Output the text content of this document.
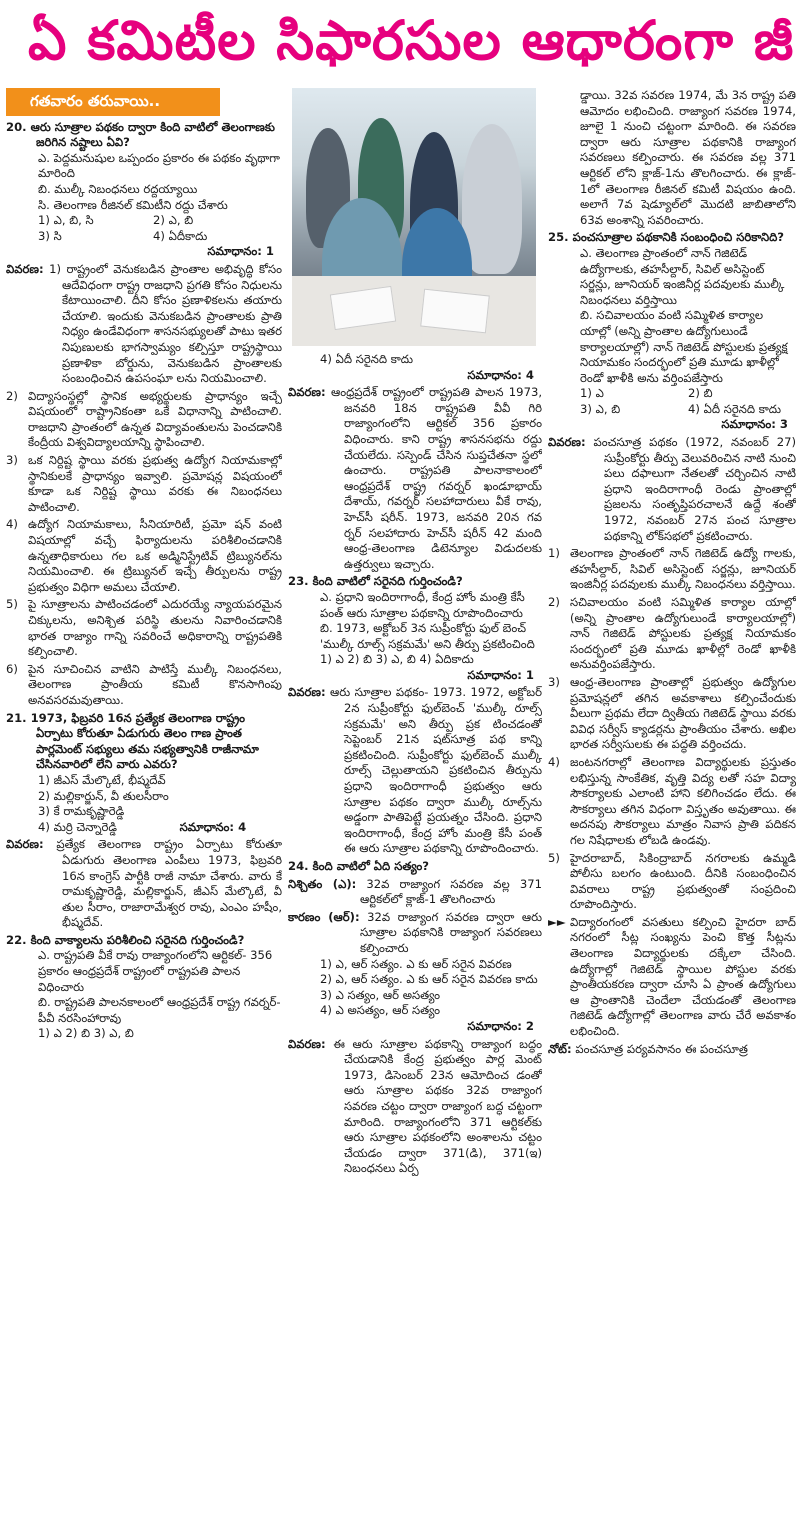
ఏ కమిటీల సిఫారసుల ఆధారంగా జీ
గతవారం తరువాయి..
20. ఆరు సూత్రాల పథకం ద్వారా కింది వాటిలో తెలంగాణకు జరిగిన నష్టాలు ఏవి?
ఎ. పెద్దమనుషుల ఒప్పందం ప్రకారం ఈ పథకం వృథాగా మారింది
బి. ముల్కీ నిబంధనలు రద్దయ్యాయి
సి. తెలంగాణ రీజినల్ కమిటీని రద్దు చేశారు
1) ఎ, బి, సి	2) ఎ, బి
3) సి	4) ఏదీకాదు
సమాధానం: 1
వివరణ: 1) రాష్ట్రంలో వెనుకబడిన ప్రాంతాల అభివృద్ధి కోసం ఆదేవిధంగా రాష్ట్ర రాజధాని ప్రగతి కోసం నిధులను కేటాయించాలి. దీని కోసం ప్రణాళికలను తయారు చేయాలి. ఇందుకు వెనుకబడిన ప్రాంతాలకు ప్రాతి నిధ్యం ఉండేవిధంగా శాసనసభ్యులతో పాటు ఇతర నిపుణులకు భాగస్వామ్యం కల్పిస్తూ రాష్ట్రస్థాయి ప్రణాళికా బోర్డును, వెనుకబడిన ప్రాంతాలకు సంబంధించిన ఉపసంఘా లను నియమించాలి.
2) విద్యాసంస్థల్లో స్థానిక అభ్యర్థులకు ప్రాధాన్యం ఇచ్చే విషయంలో రాష్ట్రానికంతా ఒకే విధానాన్ని పాటించాలి. రాజధాని ప్రాంతంలో ఉన్నత విద్యావంతులను పెంచడానికి కేంద్రీయ విశ్వవిద్యాలయాన్ని స్థాపించాలి.
3) ఒక నిర్దిష్ట స్థాయి వరకు ప్రభుత్వ ఉద్యోగ నియామకాల్లో స్థానికులకే ప్రాధాన్యం ఇవ్వాలి. ప్రమోషన్ల విషయంలో కూడా ఒక నిర్దిష్ట స్థాయి వరకు ఈ నిబంధనలు పాటించాలి.
4) ఉద్యోగ నియామకాలు, సీనియారిటీ, ప్రమో షన్ వంటి విషయాల్లో వచ్చే ఫిర్యాదులను పరిశీలించడానికి ఉన్నతాధికారులు గల ఒక అడ్మినిస్ట్రేటివ్ ట్రిబ్యునల్‌ను నియమించాలి. ఈ ట్రిబ్యునల్ ఇచ్చే తీర్పులను రాష్ట్ర ప్రభుత్వం విధిగా అమలు చేయాలి.
5) పై సూత్రాలను పాటించడంలో ఎదురయ్యే న్యాయపరమైన చిక్కులను, అనిశ్చిత పరిస్థి తులను నివారించడానికి భారత రాజ్యాం గాన్ని సవరించే అధికారాన్ని రాష్ట్రపతికి కల్పించాలి.
6) పైన సూచించిన వాటిని పాటిస్తే ముల్కీ నిబంధనలు, తెలంగాణ ప్రాంతీయ కమిటీ కొనసాగింపు అనవసరమవుతాయి.
21. 1973, ఫిబ్రవరి 16న ప్రత్యేక తెలంగాణ రాష్ట్రం ఏర్పాటు కోరుతూ ఏడుగురు తెలం గాణ ప్రాంత పార్లమెంట్ సభ్యులు తమ సభ్యత్వానికి రాజీనామా చేసినవారిలో లేని వారు ఎవరు?
1) జీఎస్ మేల్కొటే, భీష్మదేవ్
2) మల్లికార్జున్, వీ తులసీరాం
3) కే రామకృష్ణారెడ్డి
4) మర్రి చెన్నారెడ్డి	సమాధానం: 4
వివరణ: ప్రత్యేక తెలంగాణ రాష్ట్రం ఏర్పాటు కోరుతూ ఏడుగురు తెలంగాణ ఎంపీలు 1973, ఫిబ్రవరి 16న కాంగ్రెస్ పార్టీకి రాజీ నామా చేశారు. వారు కే రామకృష్ణారెడ్డి, మల్లికార్జున్, జీఎస్ మేల్కొటే, వీ తుల సీరాం, రాజారామేశ్వర రావు, ఎంఎం హషీం, భీష్మదేవ్.
22. కింది వాక్యాలను పరిశీలించి సరైనది గుర్తించండి?
ఎ. రాష్ట్రపతి వీకే రావు రాజ్యాంగంలోని ఆర్టికల్- 356 ప్రకారం ఆంధ్రప్రదేశ్ రాష్ట్రంలో రాష్ట్రపతి పాలన విధించారు
బి. రాష్ట్రపతి పాలనకాలంలో ఆంధ్రప్రదేశ్ రాష్ట్ర గవర్నర్- పీవీ నరసింహారావు
1) ఎ 2) బి 3) ఎ, బి
4) ఏదీ సరైనది కాదు
సమాధానం: 4
వివరణ: ఆంధ్రప్రదేశ్ రాష్ట్రంలో రాష్ట్రపతి పాలన 1973, జనవరి 18న రాష్ట్రపతి వీవీ గిరి రాజ్యాంగంలోని ఆర్టికల్ 356 ప్రకారం విధించారు. కాని రాష్ట్ర శాసనసభను రద్దు చేయలేదు. సస్పెండ్ చేసిన సుప్తచేతనా స్థలో ఉంచారు. రాష్ట్రపతి పాలనాకాలంలో ఆంధ్రప్రదేశ్ రాష్ట్ర గవర్నర్ ఖండూభాయ్ దేశాయ్, గవర్నర్ సలహాదారులు వీకే రావు, హెచ్‌సీ షరీన్. 1973, జనవరి 20న గవ ర్నర్ సలహాదారు హెచ్‌సీ షరీన్ 42 మంది ఆంధ్ర-తెలంగాణ డిటెన్యూల విడుదలకు ఉత్తర్వులు ఇచ్చారు.
23. కింది వాటిలో సరైనది గుర్తించండి?
ఎ. ప్రధాని ఇందిరాగాంధీ, కేంద్ర హోం మంత్రి కేసీ పంత్ ఆరు సూత్రాల పథకాన్ని రూపొందించారు
బి. 1973, అక్టోబర్ 3న సుప్రీంకోర్టు ఫుల్ బెంచ్ 'ముల్కీ రూల్స్ సక్రమమే' అని తీర్పు ప్రకటించింది
1) ఎ 2) బి 3) ఎ, బి 4) ఏదికాదు
సమాధానం: 1
వివరణ: ఆరు సూత్రాల పథకం- 1973. 1972, అక్టోబర్ 2న సుప్రీంకోర్టు ఫుల్‌బెంచ్ 'ముల్కీ రూల్స్ సక్రమమే' అని తీర్పు ప్రక టించడంతో సెప్టెంబర్ 21న షట్‌సూత్ర పథ కాన్ని ప్రకటించింది. సుప్రీంకోర్టు ఫుల్‌బెంచ్ ముల్కీ రూల్స్ చెల్లుతాయని ప్రకటించిన తీర్పును ప్రధాని ఇందిరాగాంధీ ప్రభుత్వం ఆరు సూత్రాల పథకం ద్వారా ముల్కీ రూల్స్‌ను అడ్డంగా పాతిపెట్టే ప్రయత్నం చేసింది. ప్రధాని ఇందిరాగాంధీ, కేంద్ర హోం మంత్రి కేసీ పంత్ ఈ ఆరు సూత్రాల పథకాన్ని రూపొందించారు.
24. కింది వాటిలో ఏది సత్యం?
నిశ్చితం (ఎ): 32వ రాజ్యాంగ సవరణ వల్ల 371 ఆర్టికల్‌లో క్లాజ్-1 తొలగించారు
కారణం (ఆర్): 32వ రాజ్యాంగ సవరణ ద్వారా ఆరు సూత్రాల పథకానికి రాజ్యాంగ సవరణలు కల్పించారు
1) ఎ, ఆర్ సత్యం. ఎ కు ఆర్ సరైన వివరణ
2) ఎ, ఆర్ సత్యం. ఎ కు ఆర్ సరైన వివరణ కాదు
3) ఎ సత్యం, ఆర్ అసత్యం
4) ఎ అసత్యం, ఆర్ సత్యం
సమాధానం: 2
వివరణ: ఈ ఆరు సూత్రాల పథకాన్ని రాజ్యాంగ బద్ధం చేయడానికి కేంద్ర ప్రభుత్వం పార్ల మెంట్ 1973, డిసెంబర్ 23న ఆమోదించ డంతో ఆరు సూత్రాల పథకం 32వ రాజ్యాంగ సవరణ చట్టం ద్వారా రాజ్యాంగ బద్ధ చట్టంగా మారింది. రాజ్యాంగంలోని 371 ఆర్టికల్‌కు ఆరు సూత్రాల పథకంలోని అంశాలను చట్టం చేయడం ద్వారా 371(డి), 371(ఇ) నిబంధనలు ఏర్ప
డ్డాయి. 32వ సవరణ 1974, మే 3న రాష్ట్ర పతి ఆమోదం లభించింది. రాజ్యాంగ సవరణ 1974, జూలై 1 నుంచి చట్టంగా మారింది. ఈ సవరణ ద్వారా ఆరు సూత్రాల పథకానికి రాజ్యాంగ సవరణలు కల్పించారు. ఈ సవరణ వల్ల 371 ఆర్టికల్ లోని క్లాజ్-1ను తొలగించారు. ఈ క్లాజ్- 1లో తెలంగాణ రీజినల్ కమిటీ విషయం ఉంది. అలాగే 7వ షెడ్యూల్‌లో మొదటి జాబితాలోని 63వ అంశాన్ని సవరించారు.
25. పంచసూత్రాల పథకానికి సంబంధించి సరికానిది?
ఎ. తెలంగాణ ప్రాంతంలో నాన్ గెజిటెడ్ ఉద్యోగాలకు, తహసీల్దార్, సివిల్ అసిస్టెంట్ సర్జన్లు, జూనియర్ ఇంజినీర్ల పదవులకు ముల్కీ నిబంధనలు వర్తిస్తాయి
బి. సచివాలయం వంటి సమ్మిళిత కార్యాల యాల్లో (అన్ని ప్రాంతాల ఉద్యోగులుండే కార్యాలయాల్లో) నాన్ గెజిటెడ్ పోస్టులకు ప్రత్యక్ష నియామకం సందర్భంలో ప్రతి మూడు ఖాళీల్లో రెండో ఖాళీకి అను వర్తింపజేస్తారు
1) ఎ	2) బి
3) ఎ, బి	4) ఏదీ సరైనది కాదు
సమాధానం: 3
వివరణ: పంచసూత్ర పథకం (1972, నవంబర్ 27) సుప్రీంకోర్టు తీర్పు వెలువరించిన నాటి నుంచి పలు దఫాలుగా నేతలతో చర్చించిన నాటి ప్రధాని ఇందిరాగాంధీ రెండు ప్రాంతాల్లో ప్రజలను సంతృప్తిపరచాలనే ఉద్దే శంతో 1972, నవంబర్ 27న పంచ సూత్రాల పథకాన్ని లోక్‌సభలో ప్రకటించారు.
1) తెలంగాణ ప్రాంతంలో నాన్ గెజిటెడ్ ఉద్యో గాలకు, తహసీల్దార్, సివిల్ అసిస్టెంట్ సర్జన్లు, జూనియర్ ఇంజినీర్ల పదవులకు ముల్కీ నిబంధనలు వర్తిస్తాయి.
2) సచివాలయం వంటి సమ్మిళిత కార్యాల యాల్లో (అన్ని ప్రాంతాల ఉద్యోగులుండే కార్యాలయాల్లో) నాన్ గెజిటెడ్ పోస్టులకు ప్రత్యక్ష నియామకం సందర్భంలో ప్రతి మూడు ఖాళీల్లో రెండో ఖాళీకి అనువర్తింపజేస్తారు.
3) ఆంధ్ర-తెలంగాణ ప్రాంతాల్లో ప్రభుత్వం ఉద్యోగుల ప్రమోషన్లలో తగిన అవకాశాలు కల్పించేందుకు వీలుగా ప్రథమ లేదా ద్వితీయ గెజిటెడ్ స్థాయి వరకు వివిధ సర్వీస్ క్యాడర్లను ప్రాంతీయం చేశారు. అఖిల భారత సర్వీసులకు ఈ పద్ధతి వర్తించదు.
4) జంటనగరాల్లో తెలంగాణ విద్యార్థులకు ప్రస్తుతం లభిస్తున్న సాంకేతిక, వృత్తి విద్య లతో సహ విద్యా సౌకర్యాలకు ఎలాంటి హాని కలిగించడం లేదు. ఈ సౌకర్యాలు తగిన విధంగా విస్తృతం అవుతాయి. ఈ అదనపు సౌకర్యాలు మాత్రం నివాస ప్రాతి పదికన గల నిషేధాలకు లోబడి ఉండవు.
5) హైదరాబాద్, సికింద్రాబాద్ నగరాలకు ఉమ్మడి పోలీసు బలగం ఉంటుంది. దీనికి సంబంధించిన వివరాలు రాష్ట్ర ప్రభుత్వంతో సంప్రదించి రూపొందిస్తారు.
►► విద్యారంగంలో వసతులు కల్పించి హైదరా బాద్ నగరంలో సీట్ల సంఖ్యను పెంచి కొత్త సీట్లను తెలంగాణ విద్యార్థులకు దక్కేలా చేసింది. ఉద్యోగాల్లో గెజిటెడ్ స్థాయిల పోస్టుల వరకు ప్రాంతీయకరణ ద్వారా చూసి ఏ ప్రాంత ఉద్యోగులు ఆ ప్రాంతానికి చెందేలా చేయడంతో తెలంగాణ గెజిటెడ్ ఉద్యోగాల్లో తెలంగాణ వారు చేరే అవకాశం లభించింది.
నోట్: పంచసూత్ర పర్యవసానం ఈ పంచసూత్ర
